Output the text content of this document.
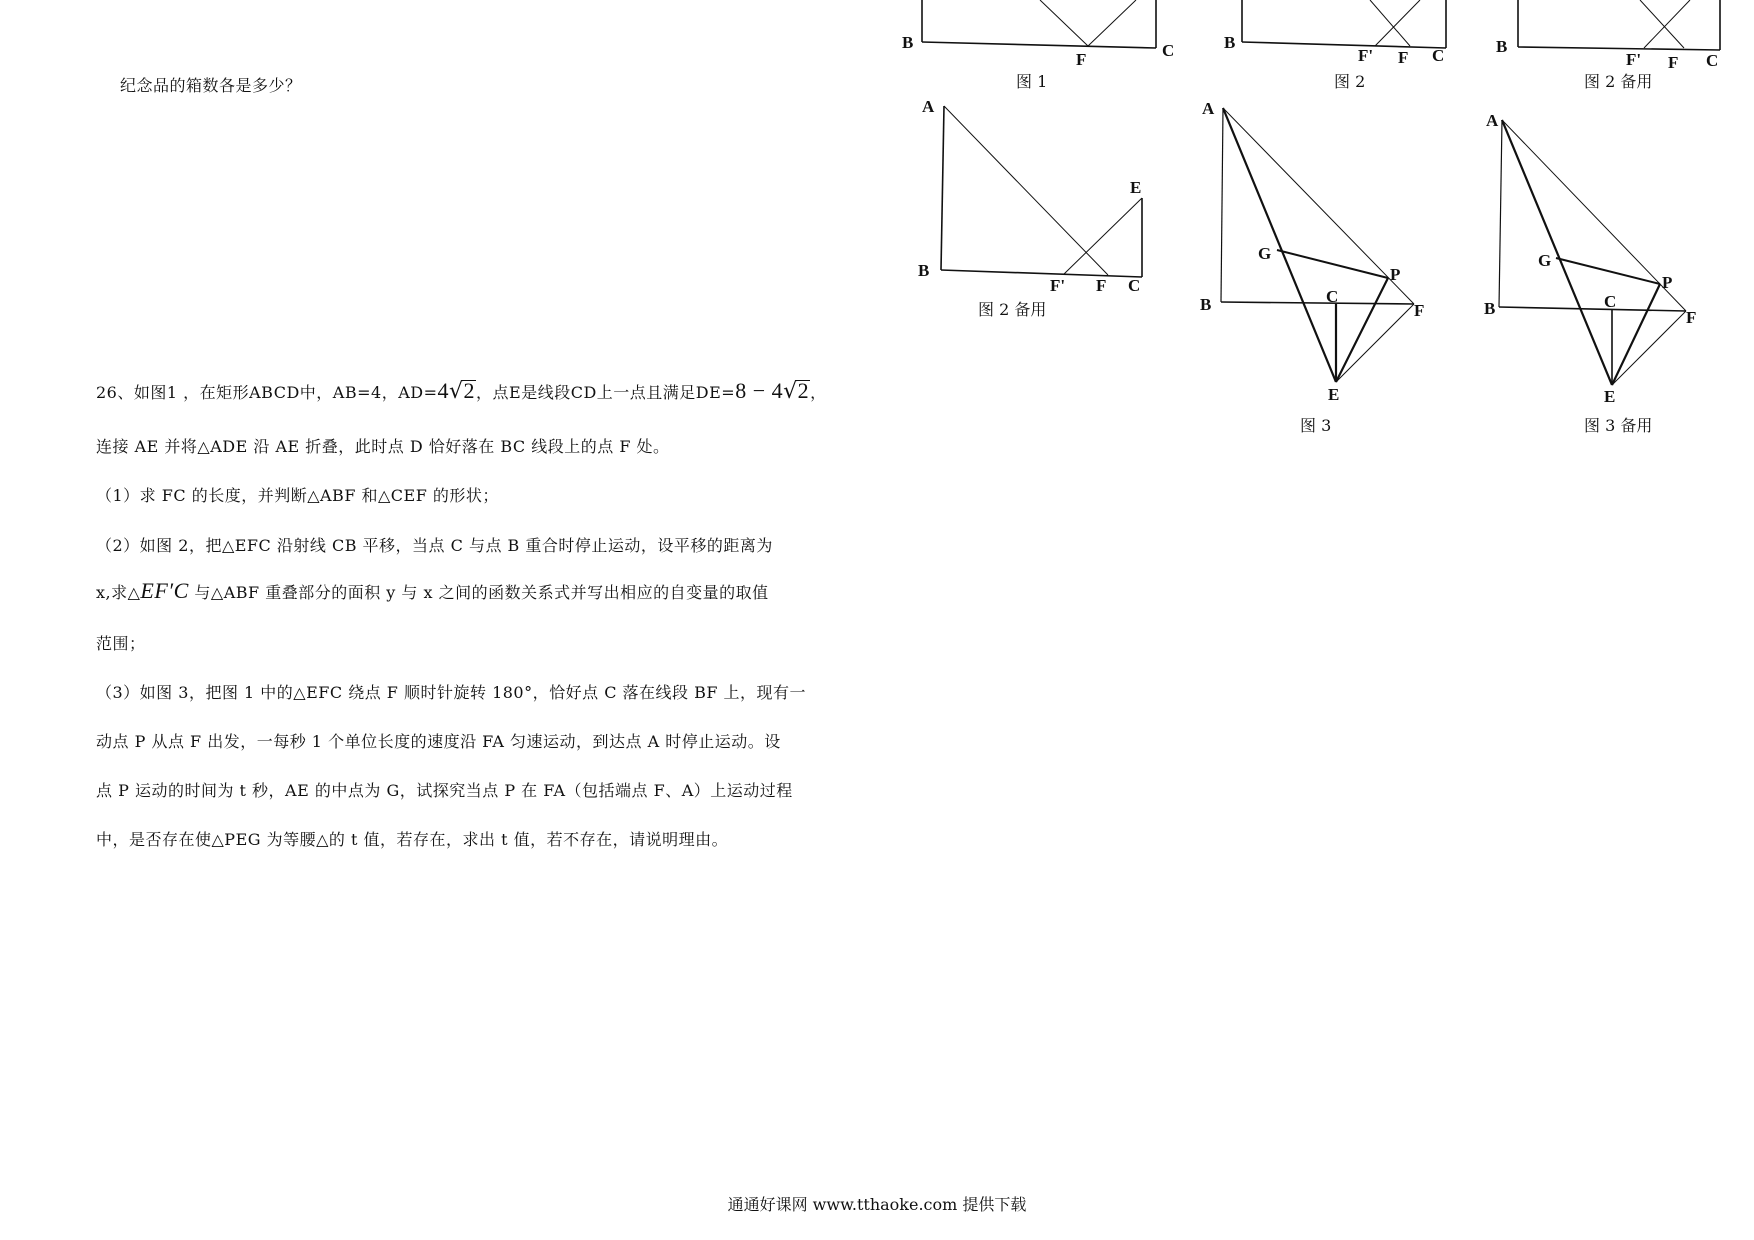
纪念品的箱数各是多少？
26、如图1 ，在矩形ABCD中，AB=4，AD=4√2，点E是线段CD上一点且满足DE=8 − 4√2，
连接 AE 并将△ADE 沿 AE 折叠，此时点 D 恰好落在 BC 线段上的点 F 处。
（1）求 FC 的长度，并判断△ABF 和△CEF 的形状；
（2）如图 2，把△EFC 沿射线 CB 平移，当点 C 与点 B 重合时停止运动，设平移的距离为
x,求△EF′C 与△ABF 重叠部分的面积 y 与 x 之间的函数关系式并写出相应的自变量的取值
范围；
（3）如图 3，把图 1 中的△EFC 绕点 F 顺时针旋转 180°，恰好点 C 落在线段 BF 上，现有一
动点 P 从点 F 出发，一每秒 1 个单位长度的速度沿 FA 匀速运动，到达点 A 时停止运动。设
点 P 运动的时间为 t 秒，AE 的中点为 G，试探究当点 P 在 FA（包括端点 F、A）上运动过程
中，是否存在使△PEG 为等腰△的 t 值，若存在，求出 t 值，若不存在，请说明理由。
B
F	C	B
F' F C	B
F' F C
A
B
E
F' F C
A
B
G
P
C
F
E
A
B
G
P
C
F
E
图 1	图 2	图 2 备用
图 2 备用
图 3	图 3 备用
通通好课网 www.tthaoke.com 提供下载
